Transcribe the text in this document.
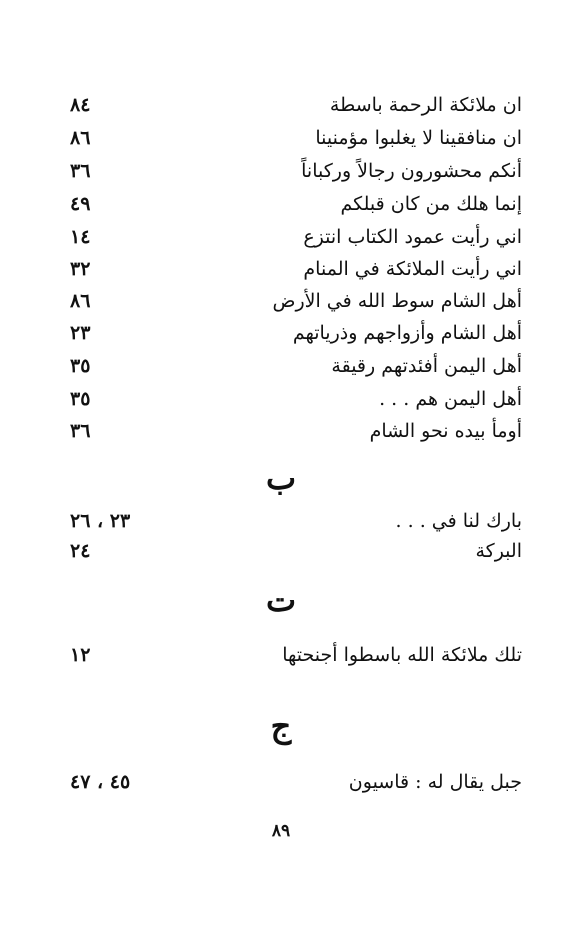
ان ملائكة الرحمة باسطة
٨٤
ان منافقينا لا يغلبوا مؤمنينا
٨٦
أنكم محشورون رجالاً وركباناً
٣٦
إنما هلك من كان قبلكم
٤٩
اني رأيت عمود الكتاب انتزع
١٤
اني رأيت الملائكة في المنام
٣٢
أهل الشام سوط الله في الأرض
٨٦
أهل الشام وأزواجهم وذرياتهم
٢٣
أهل اليمن أفئدتهم رقيقة
٣٥
أهل اليمن هم . . .
٣٥
أومأ بيده نحو الشام
٣٦
ب
بارك لنا في . . .
٢٣ ، ٢٦
البركة
٢٤
ت
تلك ملائكة الله باسطوا أجنحتها
١٢
ج
جبل يقال له : قاسيون
٤٥ ، ٤٧
٨٩
